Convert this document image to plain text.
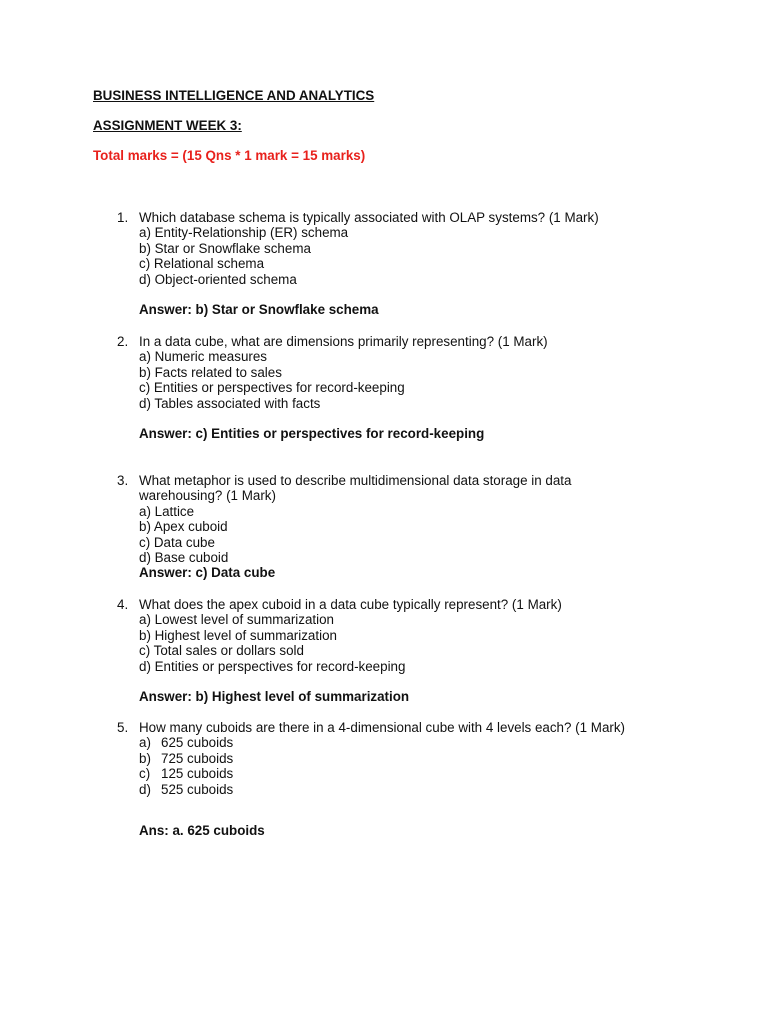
BUSINESS INTELLIGENCE AND ANALYTICS
ASSIGNMENT WEEK 3:
Total marks = (15 Qns * 1 mark = 15 marks)
1. Which database schema is typically associated with OLAP systems? (1 Mark)
a) Entity-Relationship (ER) schema
b) Star or Snowflake schema
c) Relational schema
d) Object-oriented schema
Answer: b) Star or Snowflake schema
2. In a data cube, what are dimensions primarily representing? (1 Mark)
a) Numeric measures
b) Facts related to sales
c) Entities or perspectives for record-keeping
d) Tables associated with facts
Answer: c) Entities or perspectives for record-keeping
3. What metaphor is used to describe multidimensional data storage in data
warehousing? (1 Mark)
a) Lattice
b) Apex cuboid
c) Data cube
d) Base cuboid
Answer: c) Data cube
4. What does the apex cuboid in a data cube typically represent? (1 Mark)
a) Lowest level of summarization
b) Highest level of summarization
c) Total sales or dollars sold
d) Entities or perspectives for record-keeping
Answer: b) Highest level of summarization
5. How many cuboids are there in a 4-dimensional cube with 4 levels each? (1 Mark)
a) 625 cuboids
b) 725 cuboids
c) 125 cuboids
d) 525 cuboids
Ans: a. 625 cuboids
